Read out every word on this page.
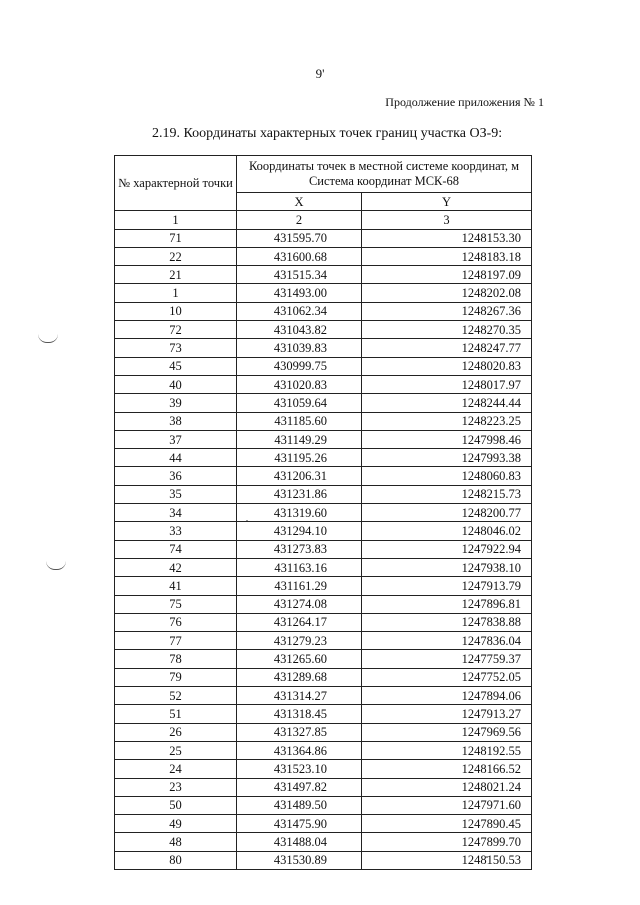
9'
Продолжение приложения № 1
2.19. Координаты характерных точек границ участка ОЗ-9:
№ характерной точки	Координаты точек в местной системе координат, м
Система координат МСК-68	

	X	Y
1	2	3
71	431595.70	1248153.30
22	431600.68	1248183.18
21	431515.34	1248197.09
1	431493.00	1248202.08
10	431062.34	1248267.36
72	431043.82	1248270.35
73	431039.83	1248247.77
45	430999.75	1248020.83
40	431020.83	1248017.97
39	431059.64	1248244.44
38	431185.60	1248223.25
37	431149.29	1247998.46
44	431195.26	1247993.38
36	431206.31	1248060.83
35	431231.86	1248215.73
34	431319.60	1248200.77
33	431294.10	1248046.02
74	431273.83	1247922.94
42	431163.16	1247938.10
41	431161.29	1247913.79
75	431274.08	1247896.81
76	431264.17	1247838.88
77	431279.23	1247836.04
78	431265.60	1247759.37
79	431289.68	1247752.05
52	431314.27	1247894.06
51	431318.45	1247913.27
26	431327.85	1247969.56
25	431364.86	1248192.55
24	431523.10	1248166.52
23	431497.82	1248021.24
50	431489.50	1247971.60
49	431475.90	1247890.45
48	431488.04	1247899.70
80	431530.89	1248150.53
